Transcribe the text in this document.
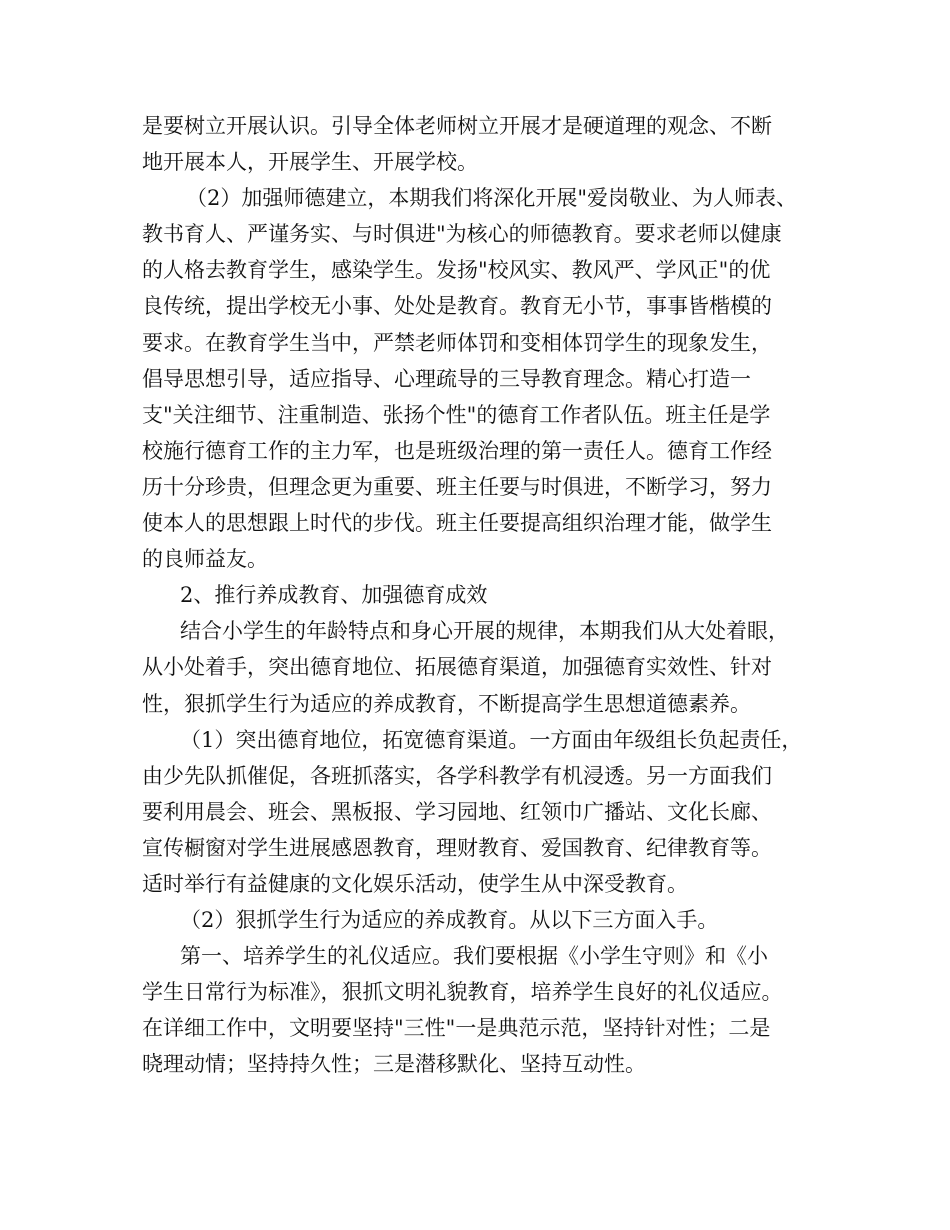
是要树立开展认识。引导全体老师树立开展才是硬道理的观念、不断
地开展本人，开展学生、开展学校。
（2）加强师德建立，本期我们将深化开展"爱岗敬业、为人师表、
教书育人、严谨务实、与时俱进"为核心的师德教育。要求老师以健康
的人格去教育学生，感染学生。发扬"校风实、教风严、学风正"的优
良传统，提出学校无小事、处处是教育。教育无小节，事事皆楷模的
要求。在教育学生当中，严禁老师体罚和变相体罚学生的现象发生，
倡导思想引导，适应指导、心理疏导的三导教育理念。精心打造一
支"关注细节、注重制造、张扬个性"的德育工作者队伍。班主任是学
校施行德育工作的主力军，也是班级治理的第一责任人。德育工作经
历十分珍贵，但理念更为重要、班主任要与时俱进，不断学习，努力
使本人的思想跟上时代的步伐。班主任要提高组织治理才能，做学生
的良师益友。
2、推行养成教育、加强德育成效
结合小学生的年龄特点和身心开展的规律，本期我们从大处着眼，
从小处着手，突出德育地位、拓展德育渠道，加强德育实效性、针对
性，狠抓学生行为适应的养成教育，不断提高学生思想道德素养。
（1）突出德育地位，拓宽德育渠道。一方面由年级组长负起责任，
由少先队抓催促，各班抓落实，各学科教学有机浸透。另一方面我们
要利用晨会、班会、黑板报、学习园地、红领巾广播站、文化长廊、
宣传橱窗对学生进展感恩教育，理财教育、爱国教育、纪律教育等。
适时举行有益健康的文化娱乐活动，使学生从中深受教育。
（2）狠抓学生行为适应的养成教育。从以下三方面入手。
第一、培养学生的礼仪适应。我们要根据《小学生守则》和《小
学生日常行为标准》，狠抓文明礼貌教育，培养学生良好的礼仪适应。
在详细工作中，文明要坚持"三性"一是典范示范，坚持针对性；二是
晓理动情；坚持持久性；三是潜移默化、坚持互动性。
